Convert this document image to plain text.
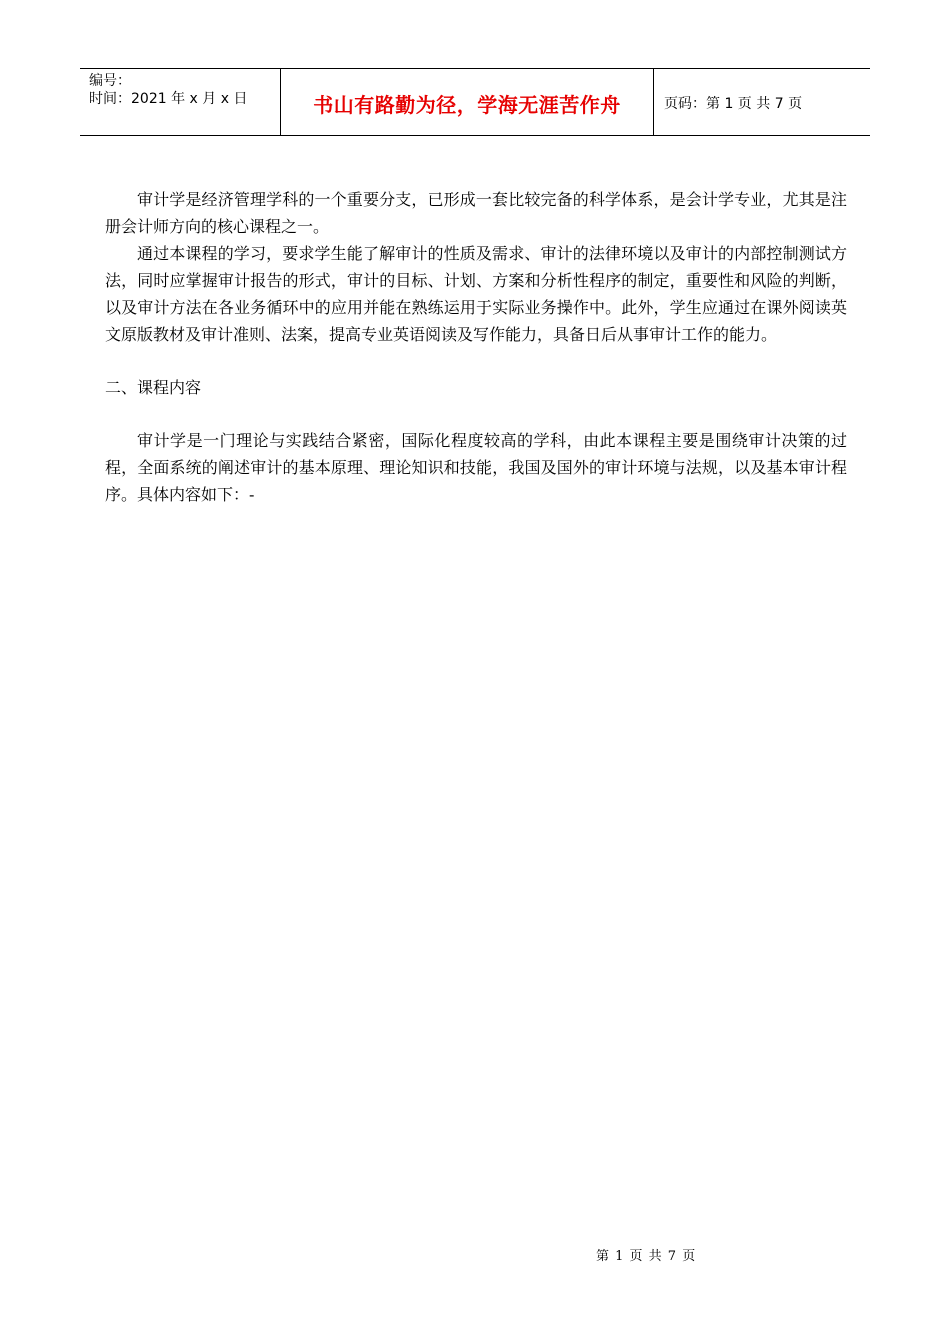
编号：
时间：2021 年 x 月 x 日	书山有路勤为径，学海无涯苦作舟	页码：第 1 页 共 7 页

审计学是经济管理学科的一个重要分支，已形成一套比较完备的科学体系，是会计学专业，尤其是注册会计师方向的核心课程之一。

通过本课程的学习，要求学生能了解审计的性质及需求、审计的法律环境以及审计的内部控制测试方法，同时应掌握审计报告的形式，审计的目标、计划、方案和分析性程序的制定，重要性和风险的判断，以及审计方法在各业务循环中的应用并能在熟练运用于实际业务操作中。此外，学生应通过在课外阅读英文原版教材及审计准则、法案，提高专业英语阅读及写作能力，具备日后从事审计工作的能力。

二、课程内容

审计学是一门理论与实践结合紧密，国际化程度较高的学科，由此本课程主要是围绕审计决策的过程，全面系统的阐述审计的基本原理、理论知识和技能，我国及国外的审计环境与法规，以及基本审计程序。具体内容如下：-

第 1 页 共 7 页
